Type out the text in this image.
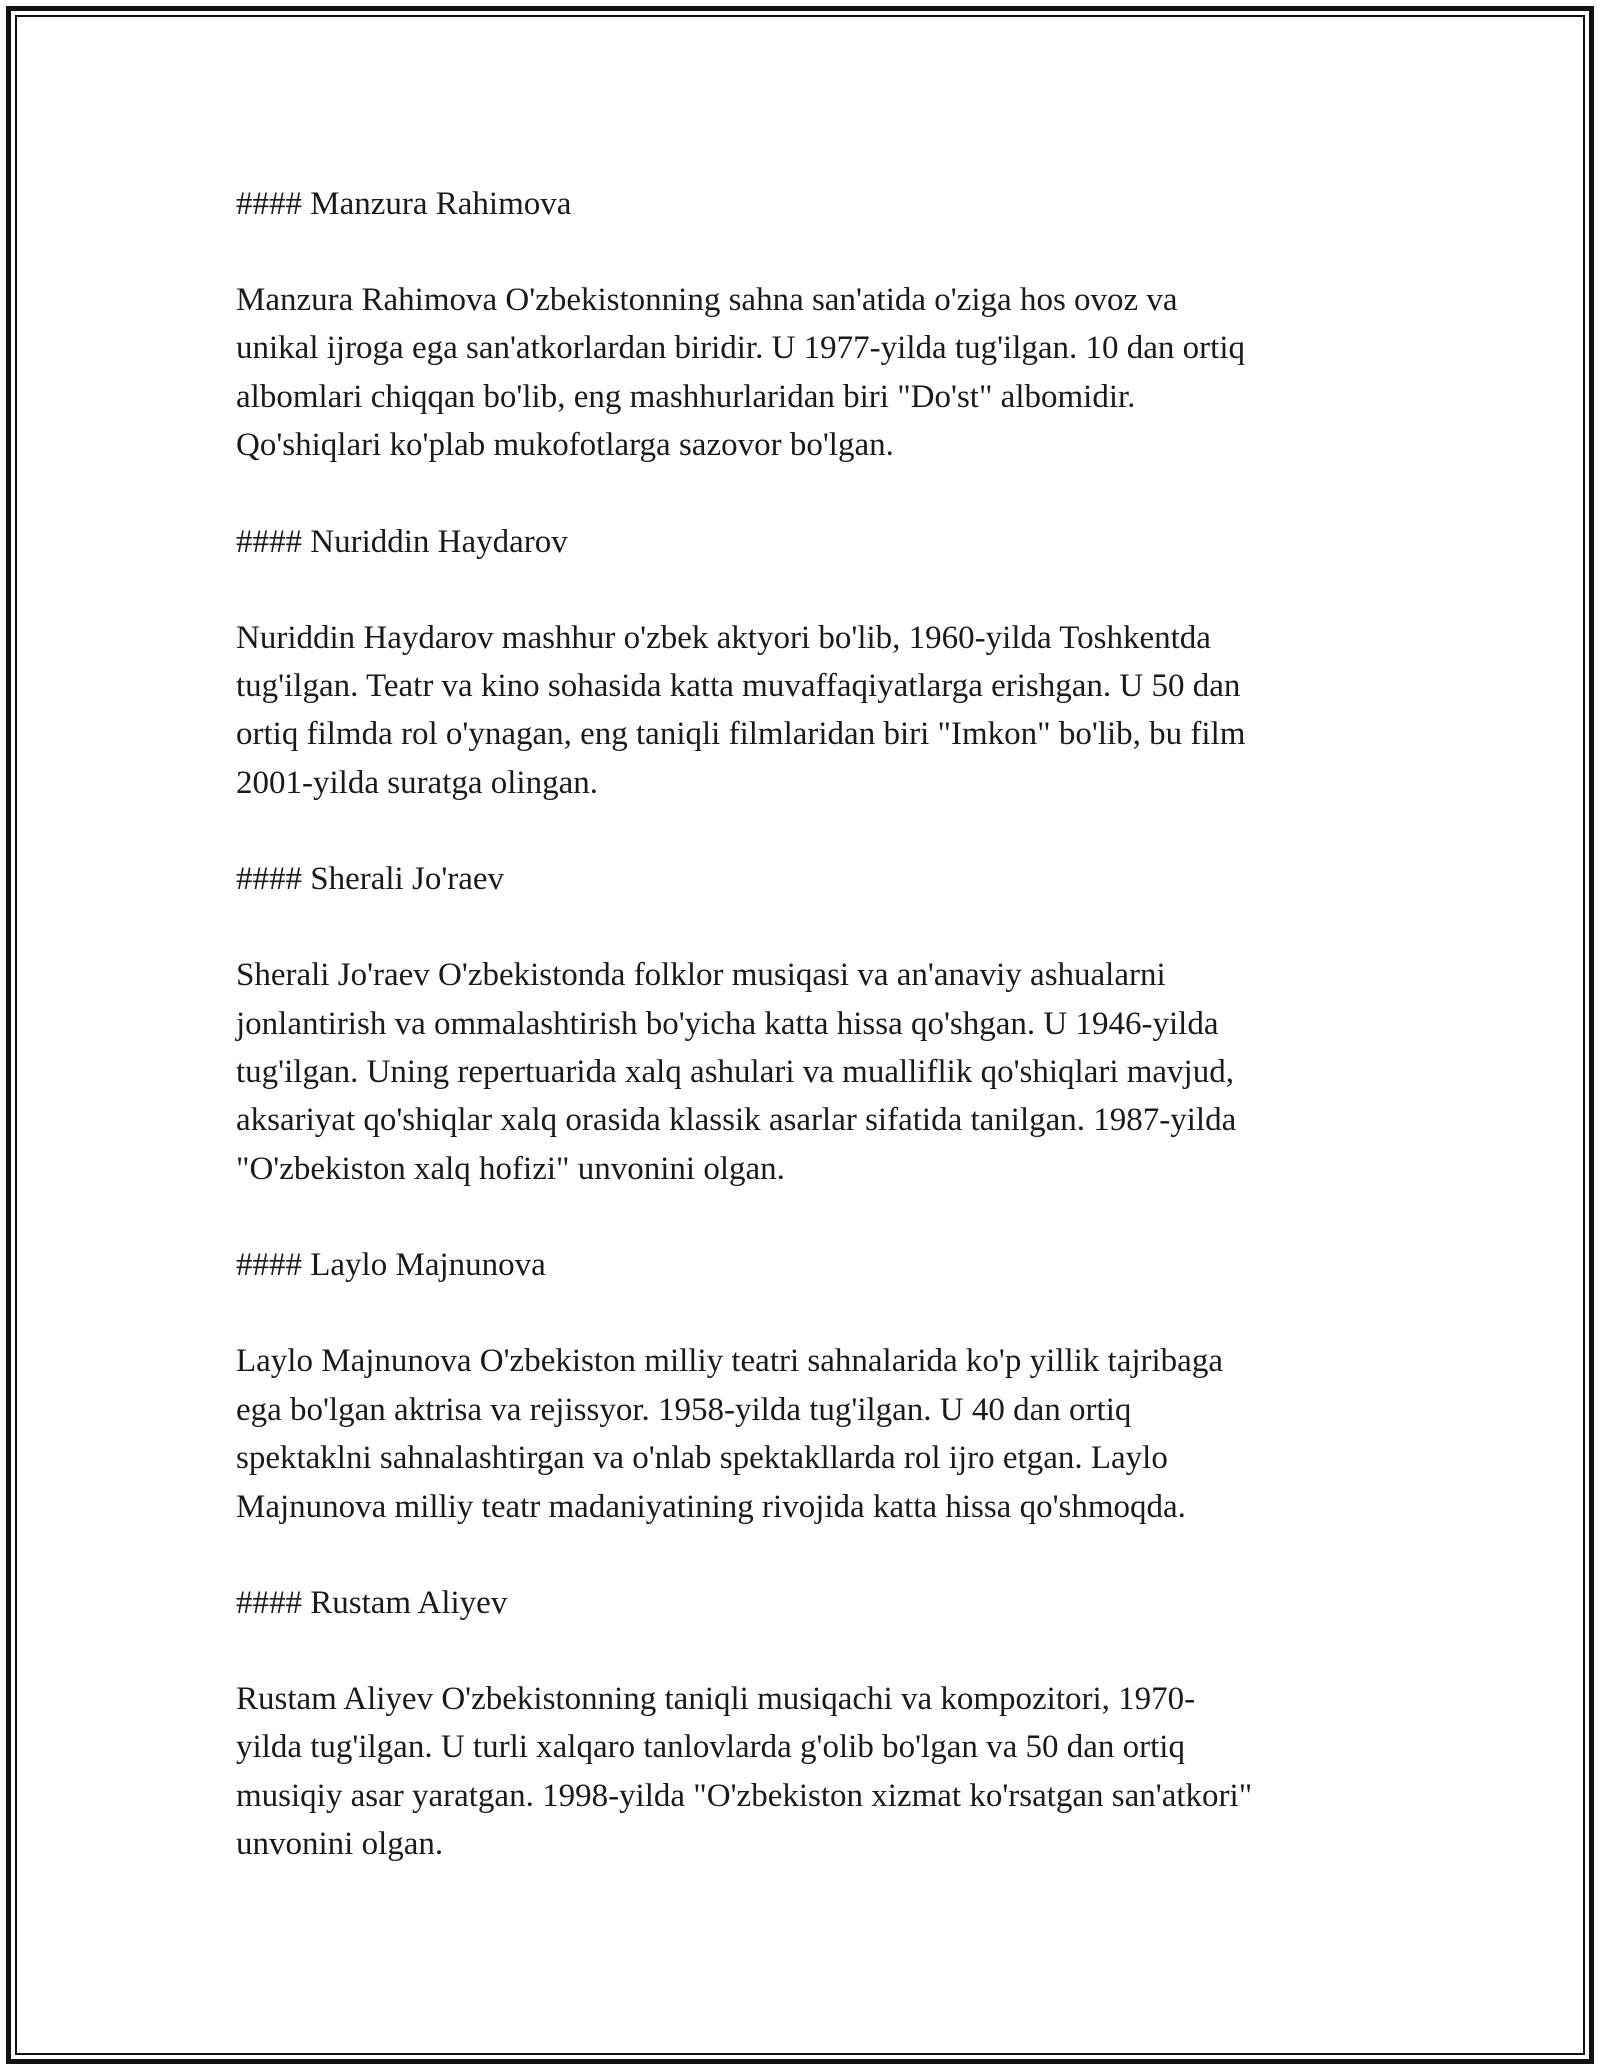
#### Manzura Rahimova
Manzura Rahimova O'zbekistonning sahna san'atida o'ziga hos ovoz va
unikal ijroga ega san'atkorlardan biridir. U 1977-yilda tug'ilgan. 10 dan ortiq
albomlari chiqqan bo'lib, eng mashhurlaridan biri "Do'st" albomidir.
Qo'shiqlari ko'plab mukofotlarga sazovor bo'lgan.
#### Nuriddin Haydarov
Nuriddin Haydarov mashhur o'zbek aktyori bo'lib, 1960-yilda Toshkentda
tug'ilgan. Teatr va kino sohasida katta muvaffaqiyatlarga erishgan. U 50 dan
ortiq filmda rol o'ynagan, eng taniqli filmlaridan biri "Imkon" bo'lib, bu film
2001-yilda suratga olingan.
#### Sherali Jo'raev
Sherali Jo'raev O'zbekistonda folklor musiqasi va an'anaviy ashualarni
jonlantirish va ommalashtirish bo'yicha katta hissa qo'shgan. U 1946-yilda
tug'ilgan. Uning repertuarida xalq ashulari va mualliflik qo'shiqlari mavjud,
aksariyat qo'shiqlar xalq orasida klassik asarlar sifatida tanilgan. 1987-yilda
"O'zbekiston xalq hofizi" unvonini olgan.
#### Laylo Majnunova
Laylo Majnunova O'zbekiston milliy teatri sahnalarida ko'p yillik tajribaga
ega bo'lgan aktrisa va rejissyor. 1958-yilda tug'ilgan. U 40 dan ortiq
spektaklni sahnalashtirgan va o'nlab spektakllarda rol ijro etgan. Laylo
Majnunova milliy teatr madaniyatining rivojida katta hissa qo'shmoqda.
#### Rustam Aliyev
Rustam Aliyev O'zbekistonning taniqli musiqachi va kompozitori, 1970-
yilda tug'ilgan. U turli xalqaro tanlovlarda g'olib bo'lgan va 50 dan ortiq
musiqiy asar yaratgan. 1998-yilda "O'zbekiston xizmat ko'rsatgan san'atkori"
unvonini olgan.
